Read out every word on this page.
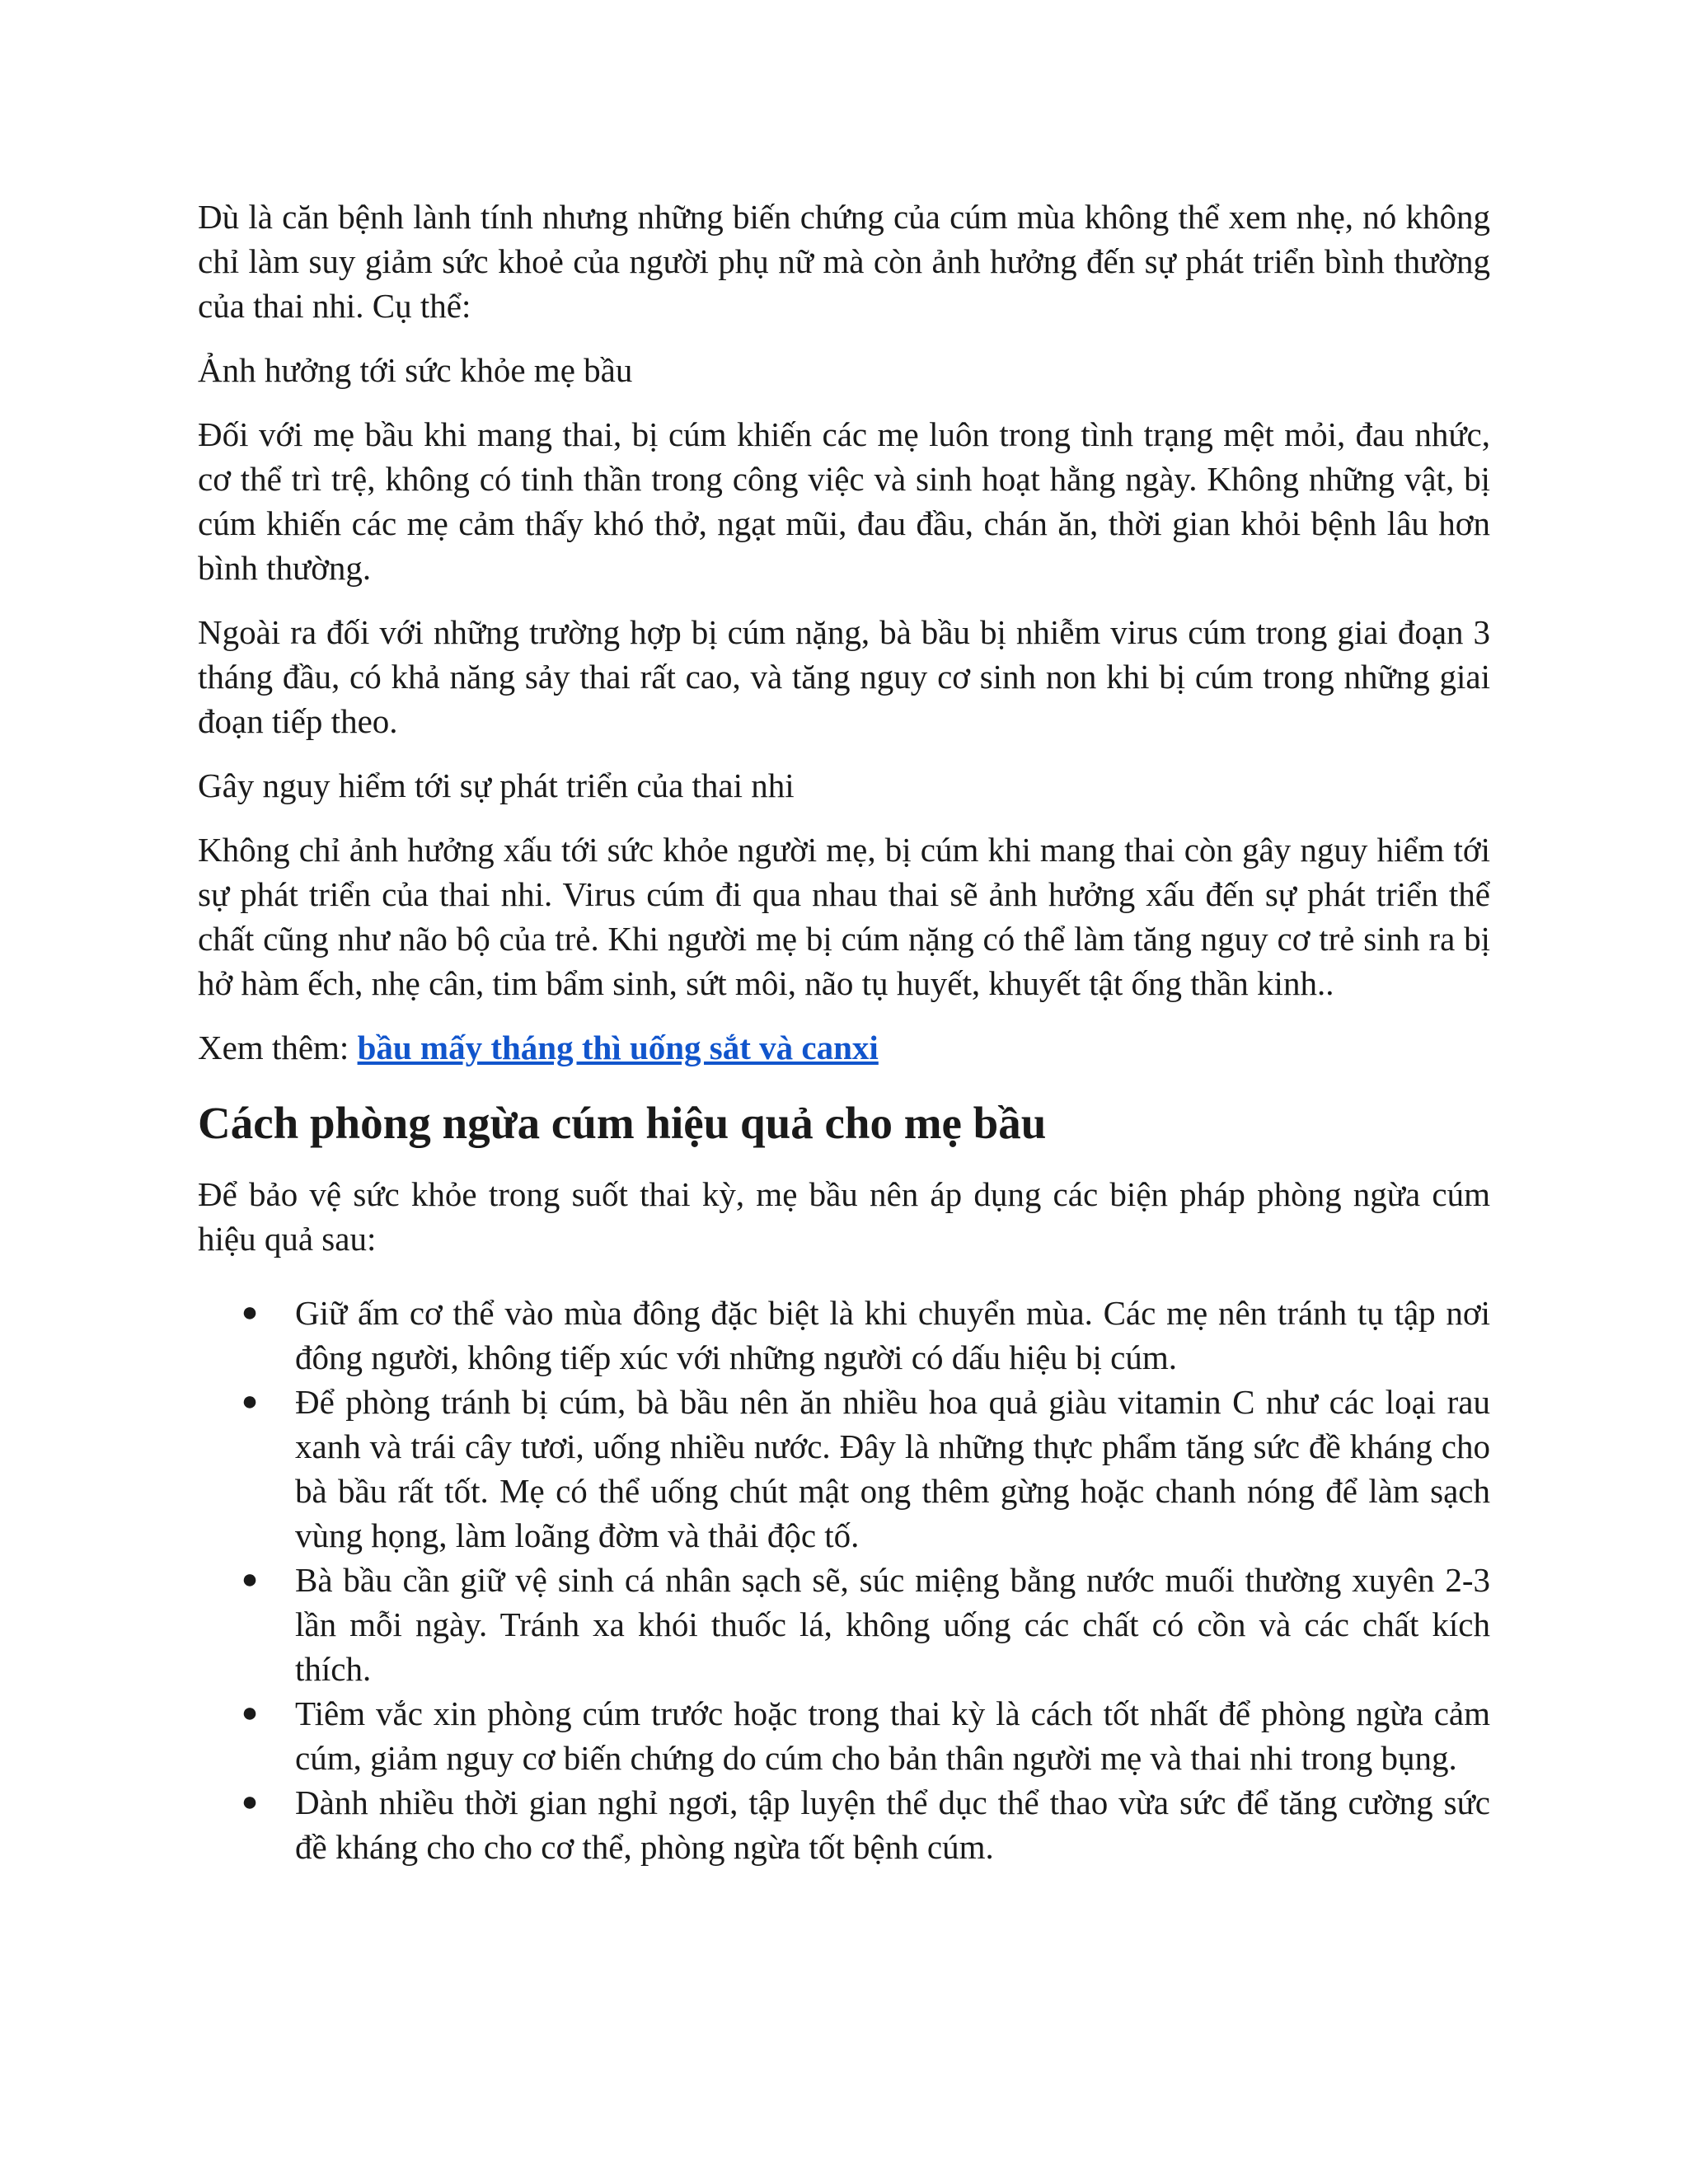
Dù là căn bệnh lành tính nhưng những biến chứng của cúm mùa không thể xem nhẹ, nó không chỉ làm suy giảm sức khoẻ của người phụ nữ mà còn ảnh hưởng đến sự phát triển bình thường của thai nhi. Cụ thể:

Ảnh hưởng tới sức khỏe mẹ bầu

Đối với mẹ bầu khi mang thai, bị cúm khiến các mẹ luôn trong tình trạng mệt mỏi, đau nhức, cơ thể trì trệ, không có tinh thần trong công việc và sinh hoạt hằng ngày. Không những vật, bị cúm khiến các mẹ cảm thấy khó thở, ngạt mũi, đau đầu, chán ăn, thời gian khỏi bệnh lâu hơn bình thường.

Ngoài ra đối với những trường hợp bị cúm nặng, bà bầu bị nhiễm virus cúm trong giai đoạn 3 tháng đầu, có khả năng sảy thai rất cao, và tăng nguy cơ sinh non khi bị cúm trong những giai đoạn tiếp theo.

Gây nguy hiểm tới sự phát triển của thai nhi

Không chỉ ảnh hưởng xấu tới sức khỏe người mẹ, bị cúm khi mang thai còn gây nguy hiểm tới sự phát triển của thai nhi. Virus cúm đi qua nhau thai sẽ ảnh hưởng xấu đến sự phát triển thể chất cũng như não bộ của trẻ. Khi người mẹ bị cúm nặng có thể làm tăng nguy cơ trẻ sinh ra bị hở hàm ếch, nhẹ cân, tim bẩm sinh, sứt môi, não tụ huyết, khuyết tật ống thần kinh..

Xem thêm: bầu mấy tháng thì uống sắt và canxi

Cách phòng ngừa cúm hiệu quả cho mẹ bầu

Để bảo vệ sức khỏe trong suốt thai kỳ, mẹ bầu nên áp dụng các biện pháp phòng ngừa cúm hiệu quả sau:

● Giữ ấm cơ thể vào mùa đông đặc biệt là khi chuyển mùa. Các mẹ nên tránh tụ tập nơi đông người, không tiếp xúc với những người có dấu hiệu bị cúm.
● Để phòng tránh bị cúm, bà bầu nên ăn nhiều hoa quả giàu vitamin C như các loại rau xanh và trái cây tươi, uống nhiều nước. Đây là những thực phẩm tăng sức đề kháng cho bà bầu rất tốt. Mẹ có thể uống chút mật ong thêm gừng hoặc chanh nóng để làm sạch vùng họng, làm loãng đờm và thải độc tố.
● Bà bầu cần giữ vệ sinh cá nhân sạch sẽ, súc miệng bằng nước muối thường xuyên 2-3 lần mỗi ngày. Tránh xa khói thuốc lá, không uống các chất có cồn và các chất kích thích.
● Tiêm vắc xin phòng cúm trước hoặc trong thai kỳ là cách tốt nhất để phòng ngừa cảm cúm, giảm nguy cơ biến chứng do cúm cho bản thân người mẹ và thai nhi trong bụng.
● Dành nhiều thời gian nghỉ ngơi, tập luyện thể dục thể thao vừa sức để tăng cường sức đề kháng cho cho cơ thể, phòng ngừa tốt bệnh cúm.
